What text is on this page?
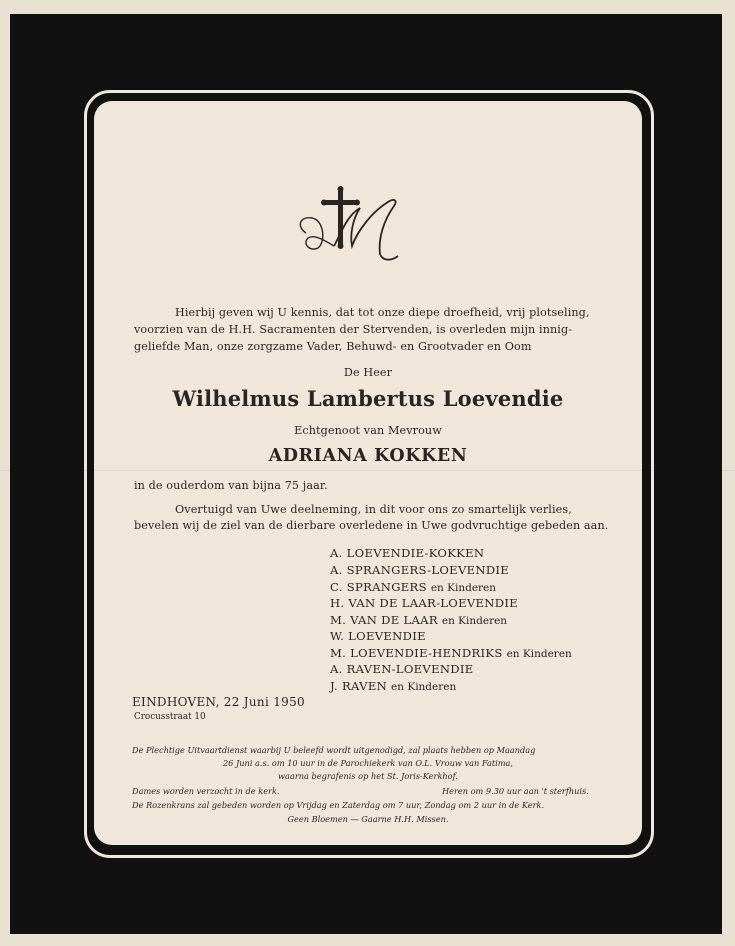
Hierbij geven wij U kennis, dat tot onze diepe droefheid, vrij plotseling,
voorzien van de H.H. Sacramenten der Stervenden, is overleden mijn innig-
geliefde Man, onze zorgzame Vader, Behuwd- en Grootvader en Oom
De Heer
Wilhelmus Lambertus Loevendie
Echtgenoot van Mevrouw
ADRIANA KOKKEN
in de ouderdom van bijna 75 jaar.
Overtuigd van Uwe deelneming, in dit voor ons zo smartelijk verlies,
bevelen wij de ziel van de dierbare overledene in Uwe godvruchtige gebeden aan.
A. LOEVENDIE-KOKKEN
A. SPRANGERS-LOEVENDIE
C. SPRANGERS en Kinderen
H. VAN DE LAAR-LOEVENDIE
M. VAN DE LAAR en Kinderen
W. LOEVENDIE
M. LOEVENDIE-HENDRIKS en Kinderen
A. RAVEN-LOEVENDIE
J. RAVEN en Kinderen
EINDHOVEN, 22 Juni 1950
Crocusstraat 10
De Plechtige Uitvaartdienst waarbij U beleefd wordt uitgenodigd, zal plaats hebben op Maandag
26 Juni a.s. om 10 uur in de Parochiekerk van O.L. Vrouw van Fatima,
waarna begrafenis op het St. Joris-Kerkhof.
Dames worden verzocht in de kerk.	Heren om 9.30 uur aan 't sterfhuis.
De Rozenkrans zal gebeden worden op Vrijdag en Zaterdag om 7 uur, Zondag om 2 uur in de Kerk.
Geen Bloemen — Gaarne H.H. Missen.
